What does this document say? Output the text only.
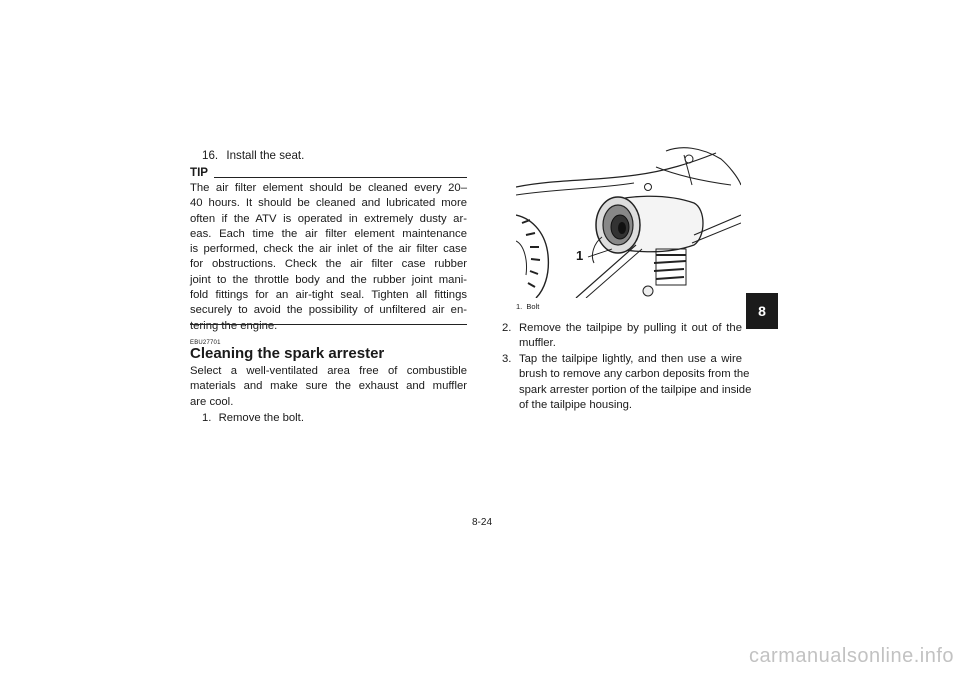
16. Install the seat.
TIP
The air filter element should be cleaned every 20–
40 hours. It should be cleaned and lubricated more
often if the ATV is operated in extremely dusty ar-
eas. Each time the air filter element maintenance
is performed, check the air inlet of the air filter case
for obstructions. Check the air filter case rubber
joint to the throttle body and the rubber joint mani-
fold fittings for an air-tight seal. Tighten all fittings
securely to avoid the possibility of unfiltered air en-
tering the engine.
EBU27701
Cleaning the spark arrester
Select a well-ventilated area free of combustible
materials and make sure the exhaust and muffler
are cool.
1. Remove the bolt.
1
1. Bolt
2. Remove the tailpipe by pulling it out of the
muffler.
3. Tap the tailpipe lightly, and then use a wire
brush to remove any carbon deposits from the
spark arrester portion of the tailpipe and inside
of the tailpipe housing.
8
8-24
carmanualsonline.info
